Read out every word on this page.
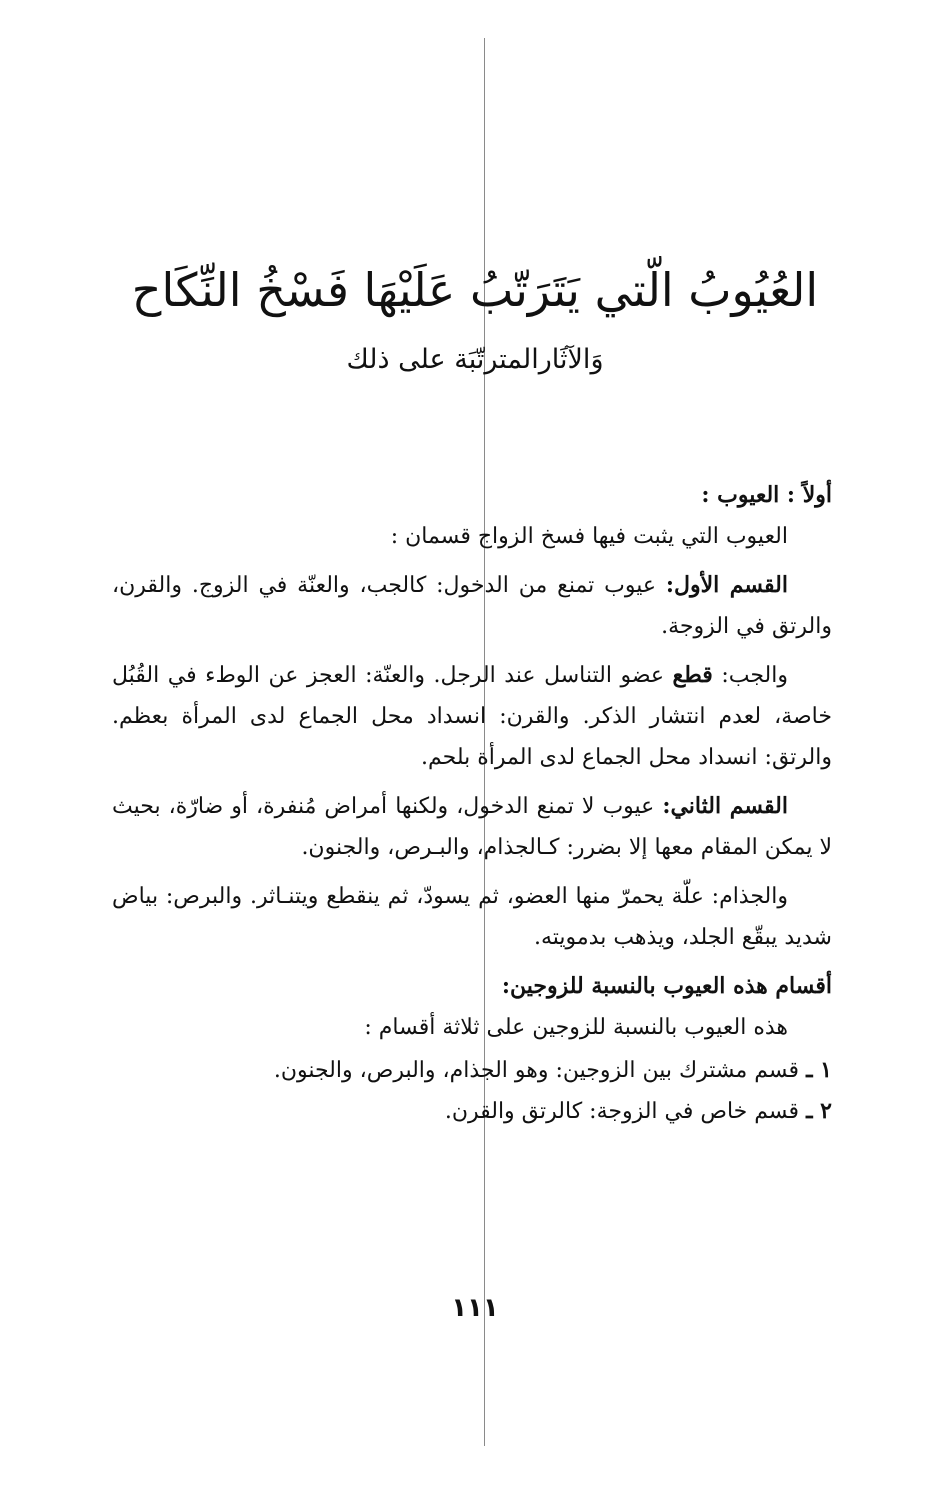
العُيُوبُ الّتي يَتَرَتّبُ عَلَيْهَا فَسْخُ النِّكَاح
وَالآثَارالمترتّبَة على ذلك

أولاً : العيوب :

العيوب التي يثبت فيها فسخ الزواج قسمان :

القسم الأول: عيوب تمنع من الدخول: كالجب، والعنّة في الزوج. والقرن، والرتق في الزوجة.

والجب: قطع عضو التناسل عند الرجل. والعنّة: العجز عن الوطء في القُبُل خاصة، لعدم انتشار الذكر. والقرن: انسداد محل الجماع لدى المرأة بعظم. والرتق: انسداد محل الجماع لدى المرأة بلحم.

القسم الثاني: عيوب لا تمنع الدخول، ولكنها أمراض مُنفرة، أو ضارّة، بحيث لا يمكن المقام معها إلا بضرر: كـالجذام، والبـرص، والجنون.

والجذام: علّة يحمرّ منها العضو، ثم يسودّ، ثم ينقطع ويتنـاثر. والبرص: بياض شديد يبقّع الجلد، ويذهب بدمويته.

أقسام هذه العيوب بالنسبة للزوجين:

هذه العيوب بالنسبة للزوجين على ثلاثة أقسام :

١ ـ قسم مشترك بين الزوجين: وهو الجذام، والبرص، والجنون.

٢ ـ قسم خاص في الزوجة: كالرتق والقرن.

١١١
